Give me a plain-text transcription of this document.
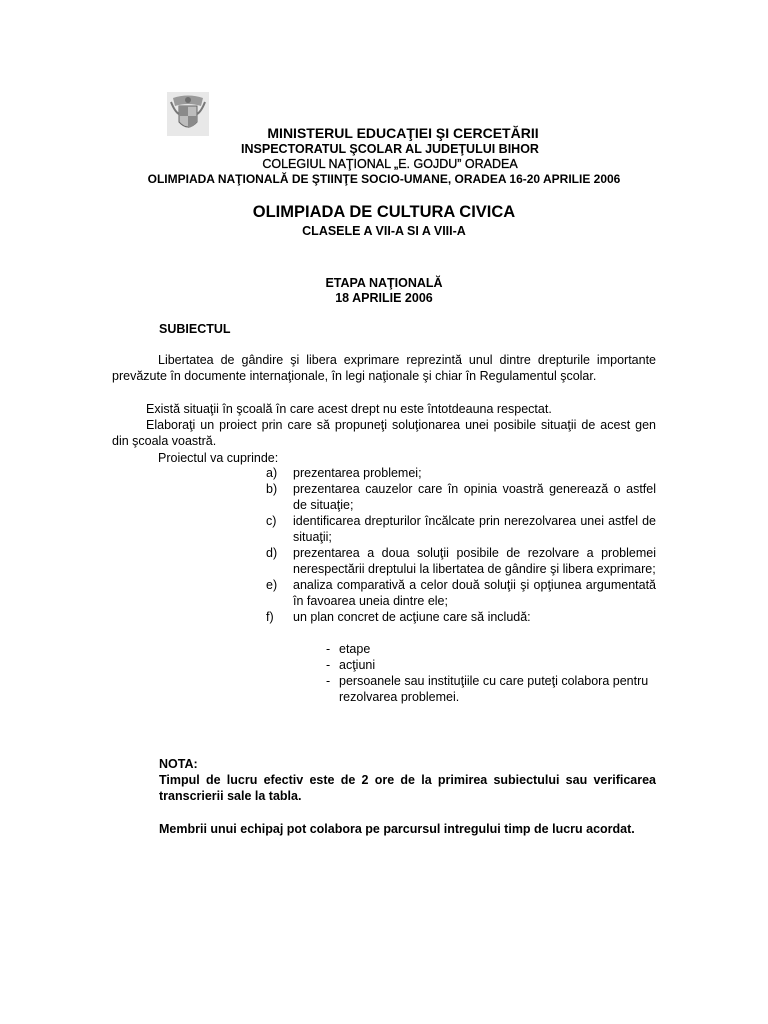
MINISTERUL EDUCAŢIEI ŞI CERCETĂRII
INSPECTORATUL ŞCOLAR AL JUDEŢULUI BIHOR
COLEGIUL NAŢIONAL „E. GOJDU” ORADEA
OLIMPIADA NAŢIONALĂ DE ŞTIINŢE SOCIO-UMANE, ORADEA 16-20 APRILIE 2006
OLIMPIADA DE CULTURA CIVICA
CLASELE A VII-A SI A VIII-A
ETAPA NAŢIONALĂ
18 APRILIE 2006
SUBIECTUL
Libertatea de gândire şi libera exprimare reprezintă unul dintre drepturile importante prevăzute în documente internaţionale, în legi naţionale şi chiar în Regulamentul şcolar.
Există situaţii în şcoală în care acest drept nu este întotdeauna respectat.
Elaboraţi un proiect prin care să propuneţi soluţionarea unei posibile situaţii de acest gen din şcoala voastră.
Proiectul va cuprinde:
a)	prezentarea problemei;
b)	prezentarea cauzelor care în opinia voastră generează o astfel de situaţie;
c)	identificarea drepturilor încălcate prin nerezolvarea unei astfel de situaţii;
d)	prezentarea a doua soluţii posibile de rezolvare a problemei nerespectării dreptului la libertatea de gândire şi libera exprimare;
e)	analiza comparativă a celor două soluţii şi opţiunea argumentată în favoarea uneia dintre ele;
f)	un plan concret de acţiune care să includă:
- etape
- acţiuni
- persoanele sau instituţiile cu care puteţi colabora pentru rezolvarea problemei.
NOTA:
Timpul de lucru efectiv este de 2 ore de la primirea subiectului sau verificarea transcrierii sale la tabla.
Membrii unui echipaj pot colabora pe parcursul intregului timp de lucru acordat.
